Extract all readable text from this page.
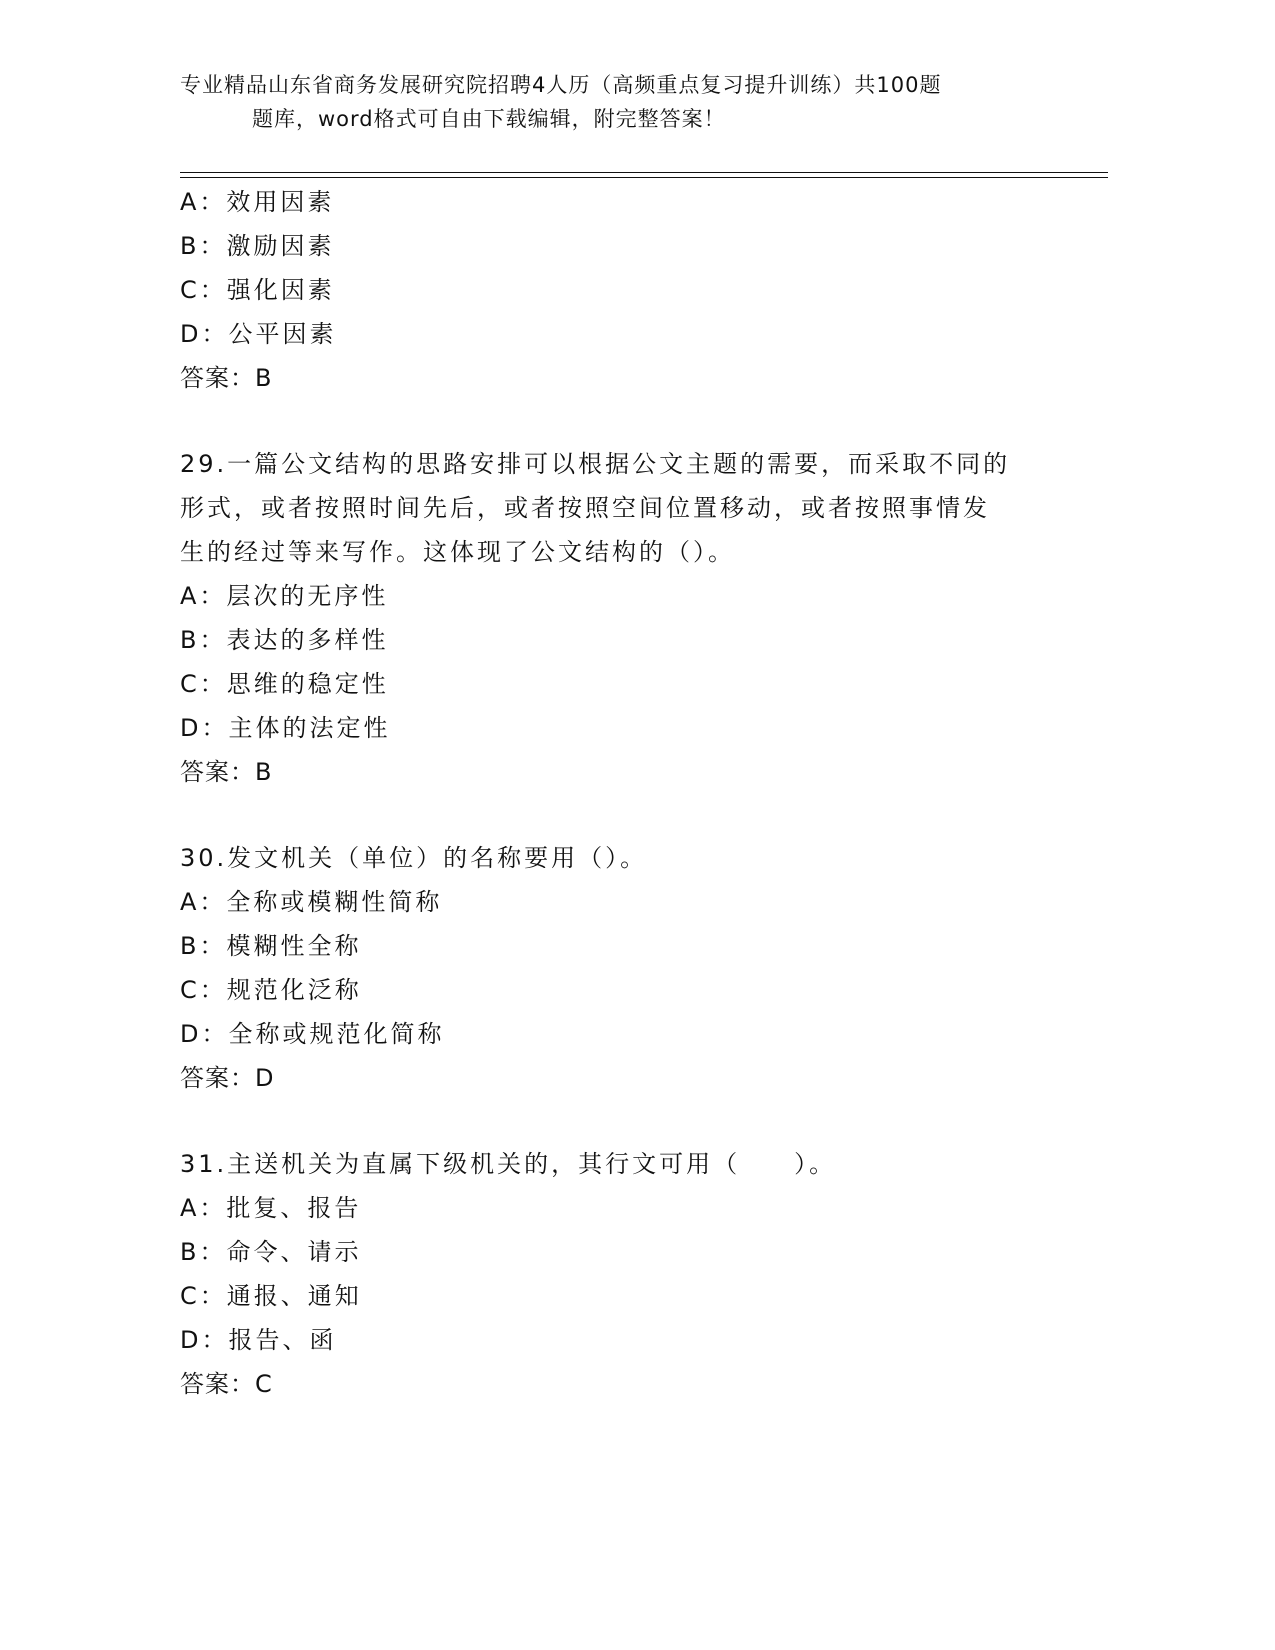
专业精品山东省商务发展研究院招聘4人历（高频重点复习提升训练）共100题
题库，word格式可自由下载编辑，附完整答案！
A：效用因素
B：激励因素
C：强化因素
D：公平因素
答案：B
29.一篇公文结构的思路安排可以根据公文主题的需要，而采取不同的
形式，或者按照时间先后，或者按照空间位置移动，或者按照事情发
生的经过等来写作。这体现了公文结构的（）。
A：层次的无序性
B：表达的多样性
C：思维的稳定性
D：主体的法定性
答案：B
30.发文机关（单位）的名称要用（）。
A：全称或模糊性简称
B：模糊性全称
C：规范化泛称
D：全称或规范化简称
答案：D
31.主送机关为直属下级机关的，其行文可用（　　）。
A：批复、报告
B：命令、请示
C：通报、通知
D：报告、函
答案：C
